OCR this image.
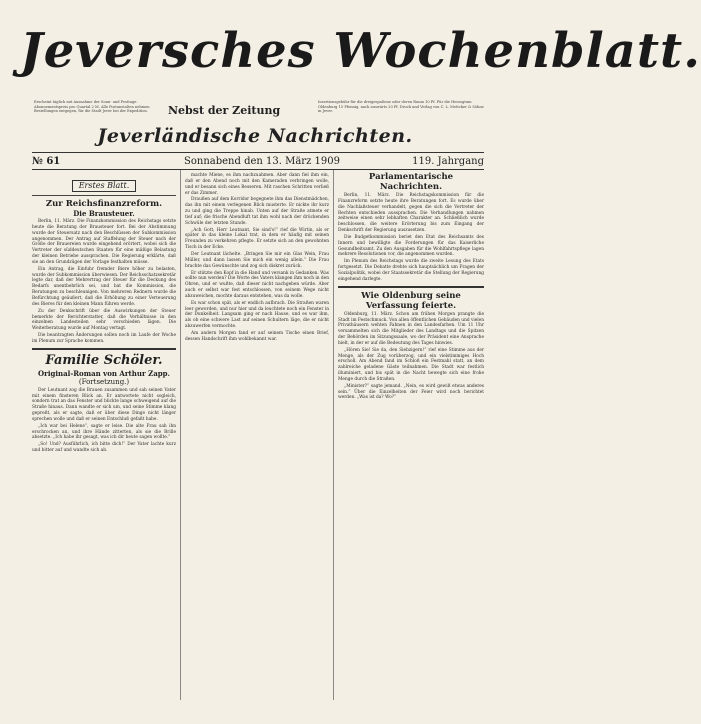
Jeversches Wochenblatt.
Erscheint täglich mit Ausnahme der Sonn- und Festtage. Abonnementspreis pro Quartal 2 M. Alle Postanstalten nehmen Bestellungen entgegen, für die Stadt Jever bei der Expedition.	Nebst der Zeitung
Insertionsgebühr für die dreigespaltene oder deren Raum 10 Pf. Für die Herzogtum Oldenburg 15 Pfennig, nach auswärts 20 Pf. Druck und Verlag von C. L. Mettcker & Söhne in Jever.
Jeverländische Nachrichten.
№ 61	Sonnabend den 13. März 1909	119. Jahrgang
Erstes Blatt.
Zur Reichsfinanzreform.
Die Brausteuer.

Berlin, 11. März. Die Finanzkommission des Reichstags setzte heute die Beratung der Brausteuer fort. Bei der Abstimmung wurde der Steuersatz nach den Beschlüssen der Subkommission angenommen. Der Antrag auf Staffelung der Steuer nach der Größe der Brauereien wurde eingehend erörtert, wobei sich die Vertreter der süddeutschen Staaten für eine mäßige Belastung der kleinen Betriebe aussprachen. Die Regierung erklärte, daß sie an den Grundzügen der Vorlage festhalten müsse.

Ein Antrag, die Einfuhr fremder Biere höher zu belasten, wurde der Subkommission überwiesen. Der Reichsschatzsekretär legte dar, daß der Mehrertrag der Steuer für die Deckung des Bedarfs unentbehrlich sei, und bat die Kommission, die Beratungen zu beschleunigen. Von mehreren Rednern wurde die Befürchtung geäußert, daß die Erhöhung zu einer Verteuerung des Bieres für den kleinen Mann führen werde.

Zu der Denkschrift über die Auswirkungen der Steuer bemerkte der Berichterstatter, daß die Verhältnisse in den einzelnen Landesteilen sehr verschieden lägen. Die Weiterberatung wurde auf Montag vertagt.

Die beantragten Änderungen sollen noch im Laufe der Woche im Plenum zur Sprache kommen.

Familie Schöler.
Original-Roman von Arthur Zapp.
(Fortsetzung.)

Der Leutnant zog die Brauen zusammen und sah seinen Vater mit einem finsteren Blick an. Er antwortete nicht sogleich, sondern trat an das Fenster und blickte lange schweigend auf die Straße hinaus. Dann wandte er sich um, und seine Stimme klang gepreßt, als er sagte, daß er über diese Dinge nicht länger sprechen wolle und daß er seinen Entschluß gefaßt habe.

„Ich war bei Helene“, sagte er leise. Die alte Frau sah ihn erschrocken an, und ihre Hände zitterten, als sie die Brille absetzte. „Ich habe ihr gesagt, was ich dir heute sagen wollte.“

„So! Und? Ausführlich, ich bitte dich!“ Der Vater lachte kurz und bitter auf und wandte sich ab.

machte Miene, es ihm nachzuahmen. Aber dann fiel ihm ein, daß er den Abend noch mit den Kameraden verbringen wolle, und er besann sich eines Besseren. Mit raschen Schritten verließ er das Zimmer.

Draußen auf dem Korridor begegnete ihm das Dienstmädchen, das ihn mit einem verlegenen Blick musterte. Er nickte ihr kurz zu und ging die Treppe hinab. Unten auf der Straße atmete er tief auf; die frische Abendluft tat ihm wohl nach der drückenden Schwüle der letzten Stunde.

„Ach Gott, Herr Leutnant, Sie sind's!“ rief die Wirtin, als er später in das kleine Lokal trat, in dem er häufig mit seinen Freunden zu verkehren pflegte. Er setzte sich an den gewohnten Tisch in der Ecke.

Der Leutnant lächelte. „Bringen Sie mir ein Glas Wein, Frau Müller, und dann lassen Sie mich ein wenig allein.“ Die Frau brachte das Gewünschte und zog sich diskret zurück.

Er stützte den Kopf in die Hand und versank in Gedanken. Was sollte nun werden? Die Worte des Vaters klangen ihm noch in den Ohren, und er wußte, daß dieser nicht nachgeben würde. Aber auch er selbst war fest entschlossen, von seinem Wege nicht abzuweichen, mochte daraus entstehen, was da wolle.

Es war schon spät, als er endlich aufbrach. Die Straßen waren leer geworden, und nur hier und da leuchtete noch ein Fenster in der Dunkelheit. Langsam ging er nach Hause, und es war ihm, als ob eine schwere Last auf seinen Schultern läge, die er nicht abzuwerfen vermochte.

Am andern Morgen fand er auf seinem Tische einen Brief, dessen Handschrift ihm wohlbekannt war.

Parlamentarische Nachrichten.

Berlin, 11. März. Die Reichstagskommission für die Finanzreform setzte heute ihre Beratungen fort. Es wurde über die Nachlaßsteuer verhandelt, gegen die sich die Vertreter der Rechten entschieden aussprachen. Die Verhandlungen nahmen zeitweise einen sehr lebhaften Charakter an. Schließlich wurde beschlossen, die weitere Erörterung bis zum Eingang der Denkschrift der Regierung auszusetzen.

Die Budgetkommission beriet den Etat des Reichsamts des Innern und bewilligte die Forderungen für das Kaiserliche Gesundheitsamt. Zu den Ausgaben für die Wohlfahrtspflege lagen mehrere Resolutionen vor, die angenommen wurden.

Im Plenum des Reichstags wurde die zweite Lesung des Etats fortgesetzt. Die Debatte drehte sich hauptsächlich um Fragen der Sozialpolitik, wobei der Staatssekretär die Stellung der Regierung eingehend darlegte.

Wie Oldenburg seine Verfassung feierte.

Oldenburg, 11. März. Schon am frühen Morgen prangte die Stadt im Festschmuck. Von allen öffentlichen Gebäuden und vielen Privathäusern wehten Fahnen in den Landesfarben. Um 11 Uhr versammelten sich die Mitglieder des Landtags und die Spitzen der Behörden im Sitzungssaale, wo der Präsident eine Ansprache hielt, in der er auf die Bedeutung des Tages hinwies.

„Hören Sie! Sie da, den Siebzigern!“ rief eine Stimme aus der Menge, als der Zug vorüberzog, und ein vielstimmiges Hoch erscholl. Am Abend fand im Schloß ein Festmahl statt, an dem zahlreiche geladene Gäste teilnahmen. Die Stadt war festlich illuminiert, und bis spät in die Nacht bewegte sich eine frohe Menge durch die Straßen.

„Minister?“ sagte jemand. „Nein, es wird gewiß etwas anderes sein.“ Über die Einzelheiten der Feier wird noch berichtet werden. „Was ist da? Wo?“
